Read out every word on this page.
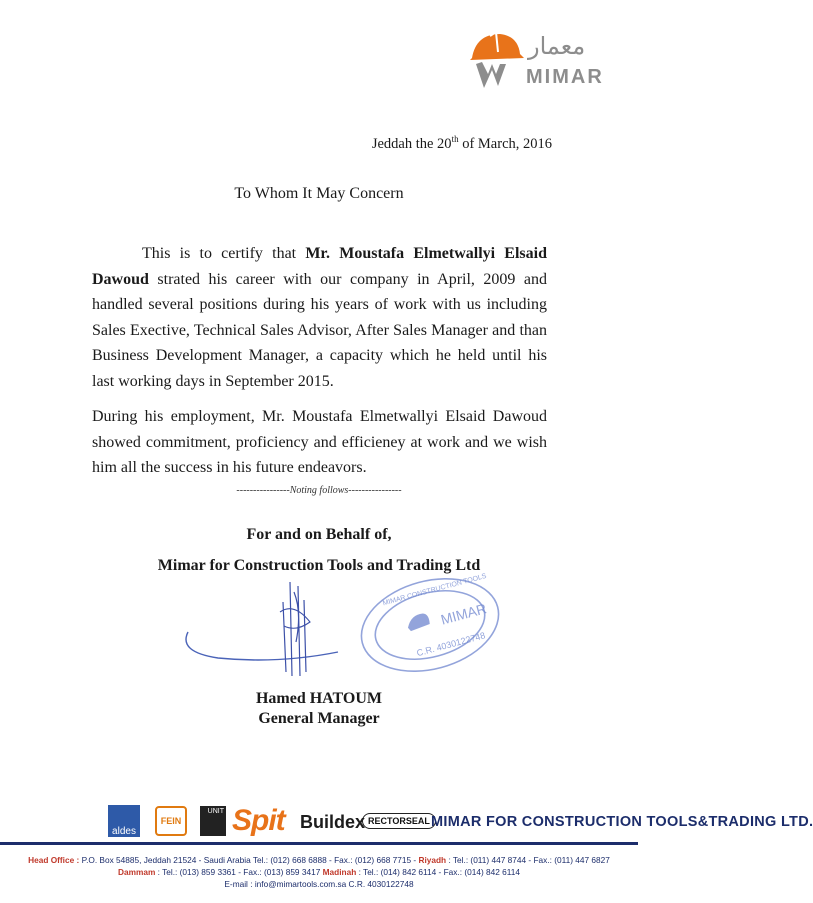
معمار
MIMAR
Jeddah the 20th of March, 2016
To Whom It May Concern

This is to certify that Mr. Moustafa Elmetwallyi Elsaid Dawoud strated his career with our company in April, 2009 and handled several positions during his years of work with us including Sales Exective, Technical Sales Advisor, After Sales Manager and than Business Development Manager, a capacity which he held until his last working days in September 2015.

During his employment, Mr. Moustafa Elmetwallyi Elsaid Dawoud showed commitment, proficiency and efficieney at work and we wish him all the success in his future endeavors.

----------------Noting follows----------------
For and on Behalf of,
Mimar for Construction Tools and Trading Ltd
MIMAR
C.R. 4030122748
MIMAR CONSTRUCTION TOOLS
Hamed HATOUM
General Manager
aldes
FEIN
UNIT Spit Buildex RECTORSEAL MIMAR FOR CONSTRUCTION TOOLS&TRADING LTD.
Head Office : P.O. Box 54885, Jeddah 21524 - Saudi Arabia Tel.: (012) 668 6888 - Fax.: (012) 668 7715 - Riyadh : Tel.: (011) 447 8744 - Fax.: (011) 447 6827
Dammam : Tel.: (013) 859 3361 - Fax.: (013) 859 3417 Madinah : Tel.: (014) 842 6114 - Fax.: (014) 842 6114
E-mail : info@mimartools.com.sa C.R. 4030122748
